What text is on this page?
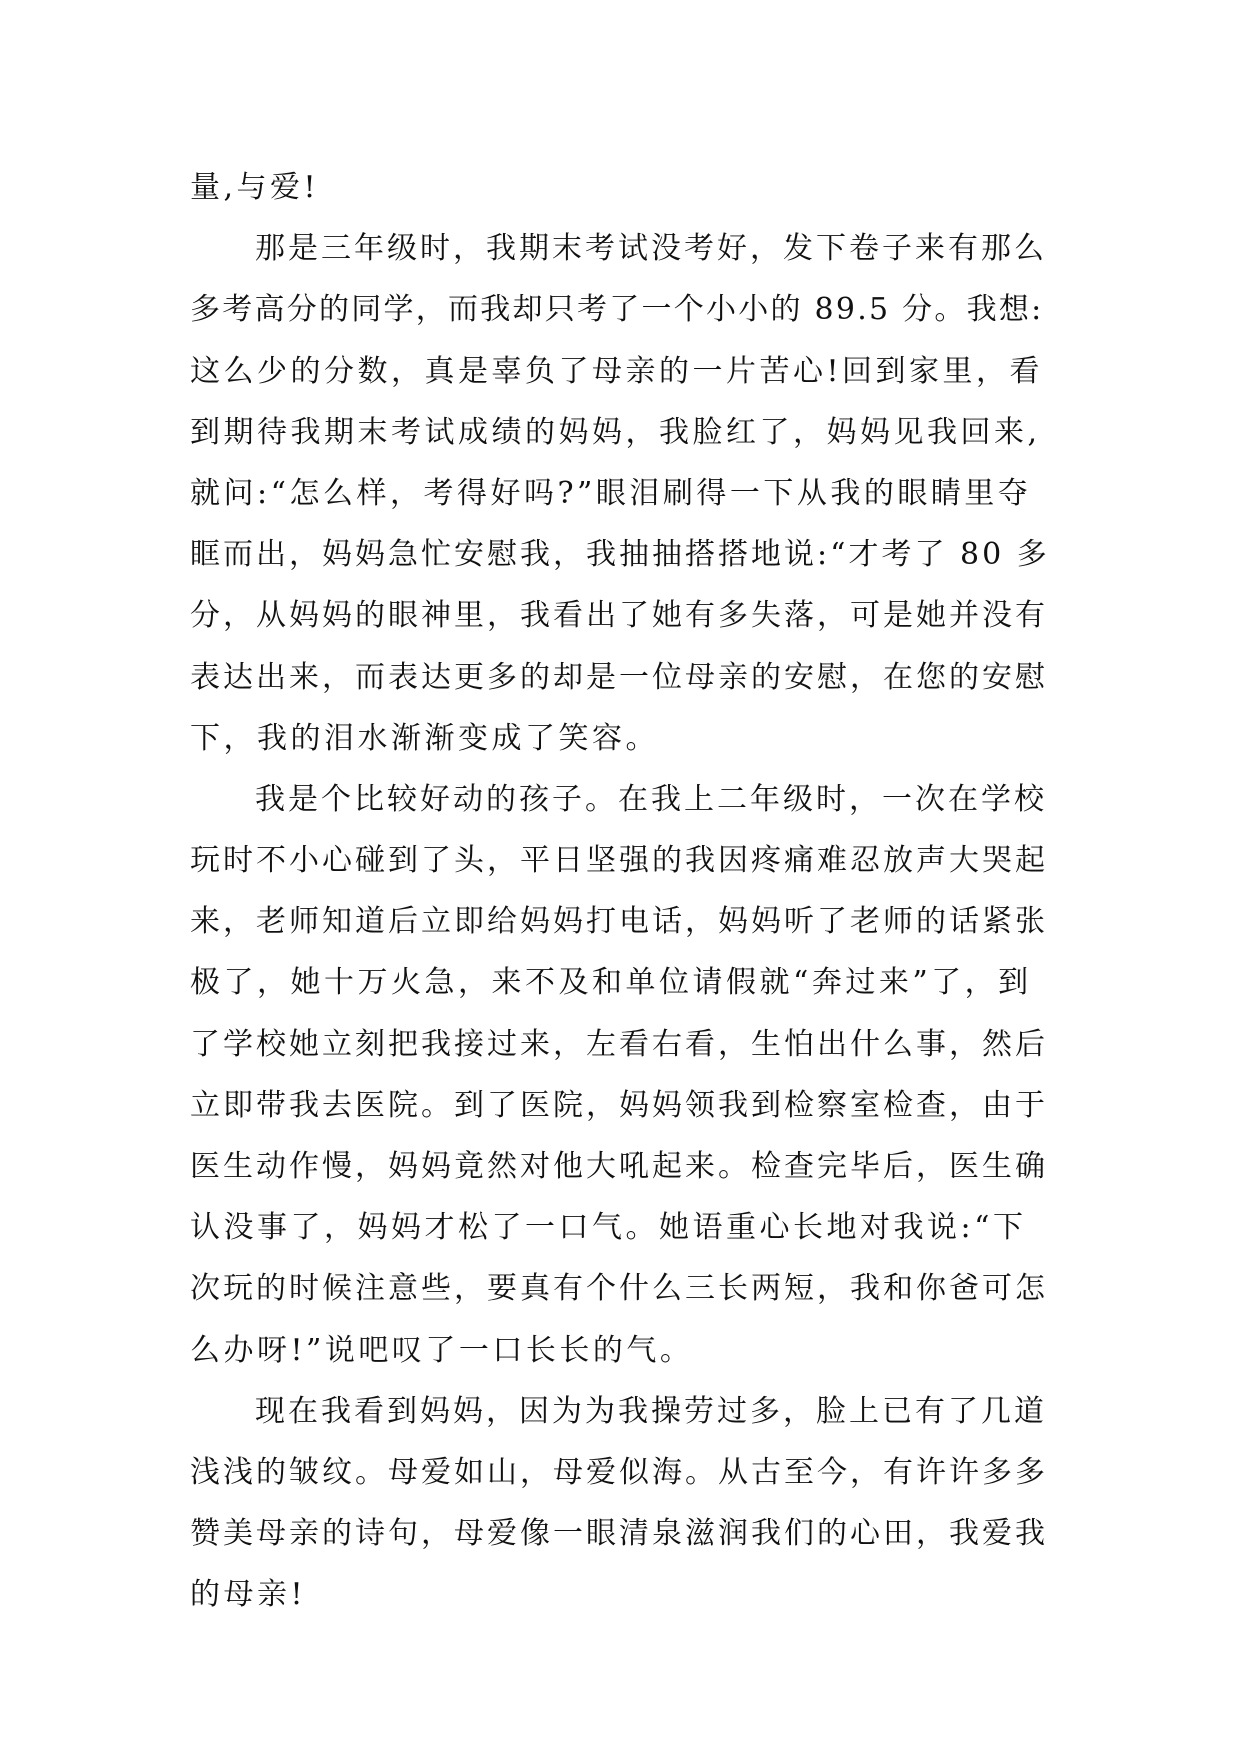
量,与爱!
那是三年级时，我期末考试没考好，发下卷子来有那么
多考高分的同学，而我却只考了一个小小的 89.5 分。我想:
这么少的分数，真是辜负了母亲的一片苦心!回到家里，看
到期待我期末考试成绩的妈妈，我脸红了，妈妈见我回来,
就问:“怎么样，考得好吗?”眼泪刷得一下从我的眼睛里夺
眶而出，妈妈急忙安慰我，我抽抽搭搭地说:“才考了 80 多
分，从妈妈的眼神里，我看出了她有多失落，可是她并没有
表达出来，而表达更多的却是一位母亲的安慰，在您的安慰
下，我的泪水渐渐变成了笑容。
我是个比较好动的孩子。在我上二年级时，一次在学校
玩时不小心碰到了头，平日坚强的我因疼痛难忍放声大哭起
来，老师知道后立即给妈妈打电话，妈妈听了老师的话紧张
极了，她十万火急，来不及和单位请假就“奔过来”了，到
了学校她立刻把我接过来，左看右看，生怕出什么事，然后
立即带我去医院。到了医院，妈妈领我到检察室检查，由于
医生动作慢，妈妈竟然对他大吼起来。检查完毕后，医生确
认没事了，妈妈才松了一口气。她语重心长地对我说:“下
次玩的时候注意些，要真有个什么三长两短，我和你爸可怎
么办呀!”说吧叹了一口长长的气。
现在我看到妈妈，因为为我操劳过多，脸上已有了几道
浅浅的皱纹。母爱如山，母爱似海。从古至今，有许许多多
赞美母亲的诗句，母爱像一眼清泉滋润我们的心田，我爱我
的母亲!
